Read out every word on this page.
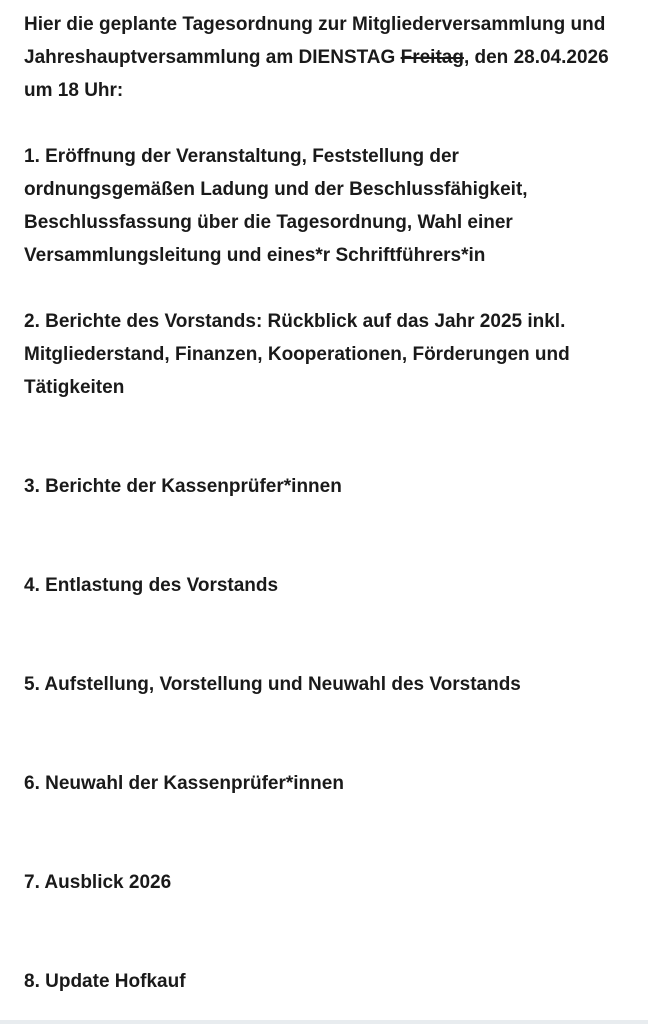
Hier die geplante Tagesordnung zur Mitgliederversammlung und Jahreshauptversammlung am DIENSTAG Freitag, den 28.04.2026 um 18 Uhr:

1. Eröffnung der Veranstaltung, Feststellung der ordnungsgemäßen Ladung und der Beschlussfähigkeit, Beschlussfassung über die Tagesordnung, Wahl einer Versammlungsleitung und eines*r Schriftführers*in

2. Berichte des Vorstands: Rückblick auf das Jahr 2025 inkl. Mitgliederstand, Finanzen, Kooperationen, Förderungen und Tätigkeiten

3. Berichte der Kassenprüfer*innen

4. Entlastung des Vorstands

5. Aufstellung, Vorstellung und Neuwahl des Vorstands

6. Neuwahl der Kassenprüfer*innen

7. Ausblick 2026

8. Update Hofkauf
